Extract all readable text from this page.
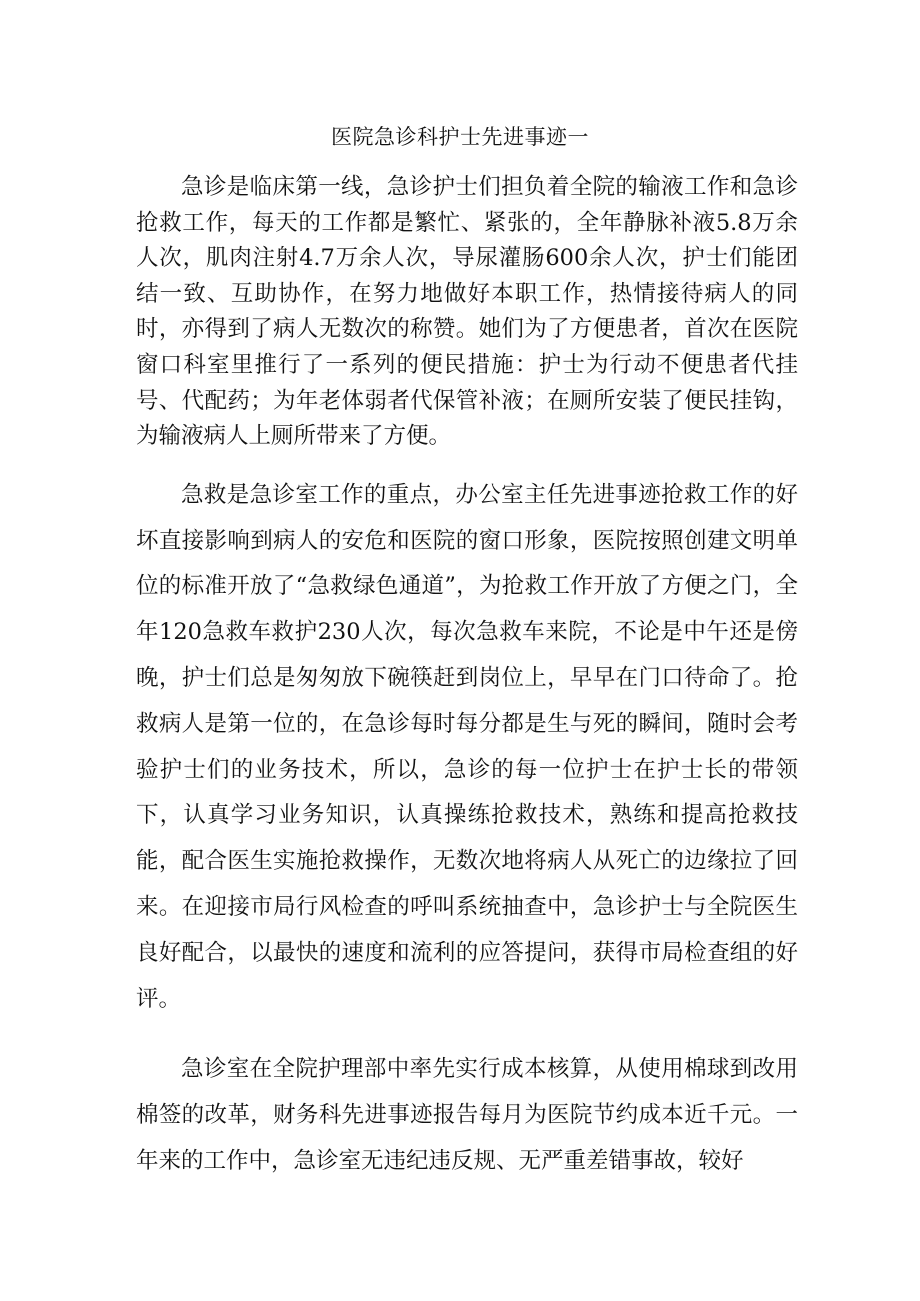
医院急诊科护士先进事迹一

急诊是临床第一线，急诊护士们担负着全院的输液工作和急诊抢救工作，每天的工作都是繁忙、紧张的，全年静脉补液5.8万余人次，肌肉注射4.7万余人次，导尿灌肠600余人次，护士们能团结一致、互助协作，在努力地做好本职工作，热情接待病人的同时，亦得到了病人无数次的称赞。她们为了方便患者，首次在医院窗口科室里推行了一系列的便民措施：护士为行动不便患者代挂号、代配药；为年老体弱者代保管补液；在厕所安装了便民挂钩，为输液病人上厕所带来了方便。

急救是急诊室工作的重点，办公室主任先进事迹抢救工作的好坏直接影响到病人的安危和医院的窗口形象，医院按照创建文明单位的标准开放了“急救绿色通道”，为抢救工作开放了方便之门，全年120急救车救护230人次，每次急救车来院，不论是中午还是傍晚，护士们总是匆匆放下碗筷赶到岗位上，早早在门口待命了。抢救病人是第一位的，在急诊每时每分都是生与死的瞬间，随时会考验护士们的业务技术，所以，急诊的每一位护士在护士长的带领下，认真学习业务知识，认真操练抢救技术，熟练和提高抢救技能，配合医生实施抢救操作，无数次地将病人从死亡的边缘拉了回来。在迎接市局行风检查的呼叫系统抽查中，急诊护士与全院医生良好配合，以最快的速度和流利的应答提问，获得市局检查组的好评。

急诊室在全院护理部中率先实行成本核算，从使用棉球到改用棉签的改革，财务科先进事迹报告每月为医院节约成本近千元。一年来的工作中，急诊室无违纪违反规、无严重差错事故，较好
